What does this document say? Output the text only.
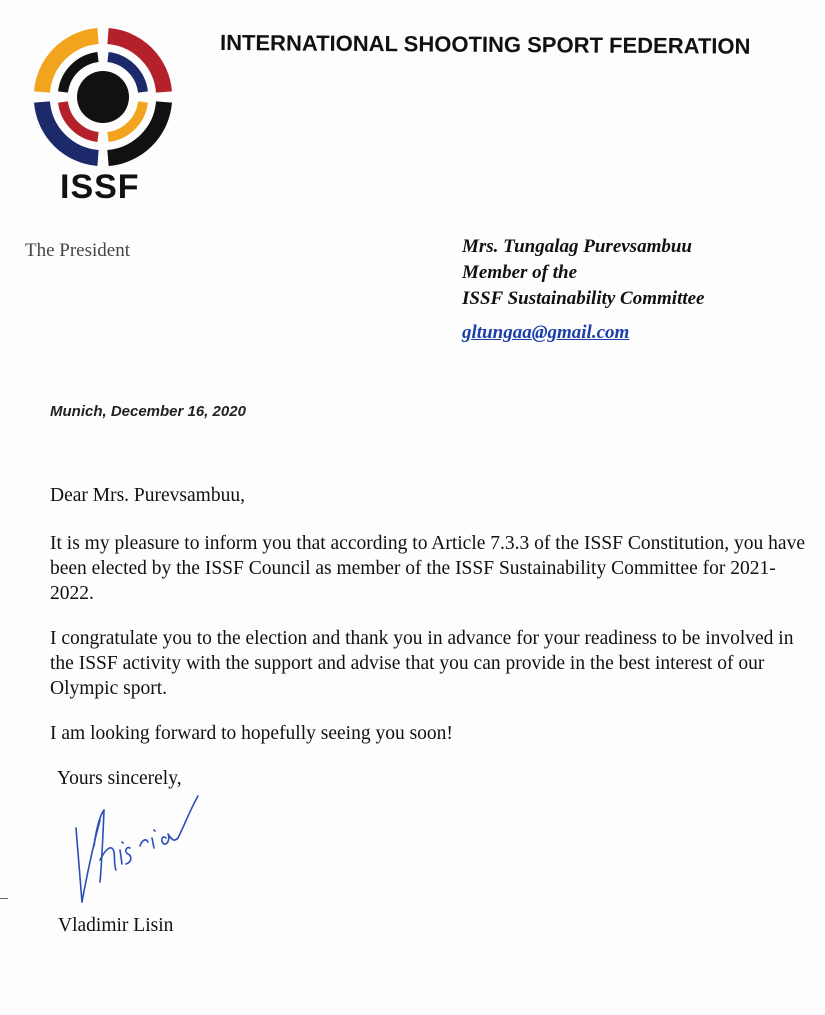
ISSF
INTERNATIONAL SHOOTING SPORT FEDERATION
The President	Mrs. Tungalag Purevsambuu
Member of the
ISSF Sustainability Committee
gltungaa@gmail.com
Munich, December 16, 2020

Dear Mrs. Purevsambuu,

It is my pleasure to inform you that according to Article 7.3.3 of the ISSF Constitution, you have been elected by the ISSF Council as member of the ISSF Sustainability Committee for 2021-2022.

I congratulate you to the election and thank you in advance for your readiness to be involved in the ISSF activity with the support and advise that you can provide in the best interest of our Olympic sport.

I am looking forward to hopefully seeing you soon!

Yours sincerely,
Vladimir Lisin
